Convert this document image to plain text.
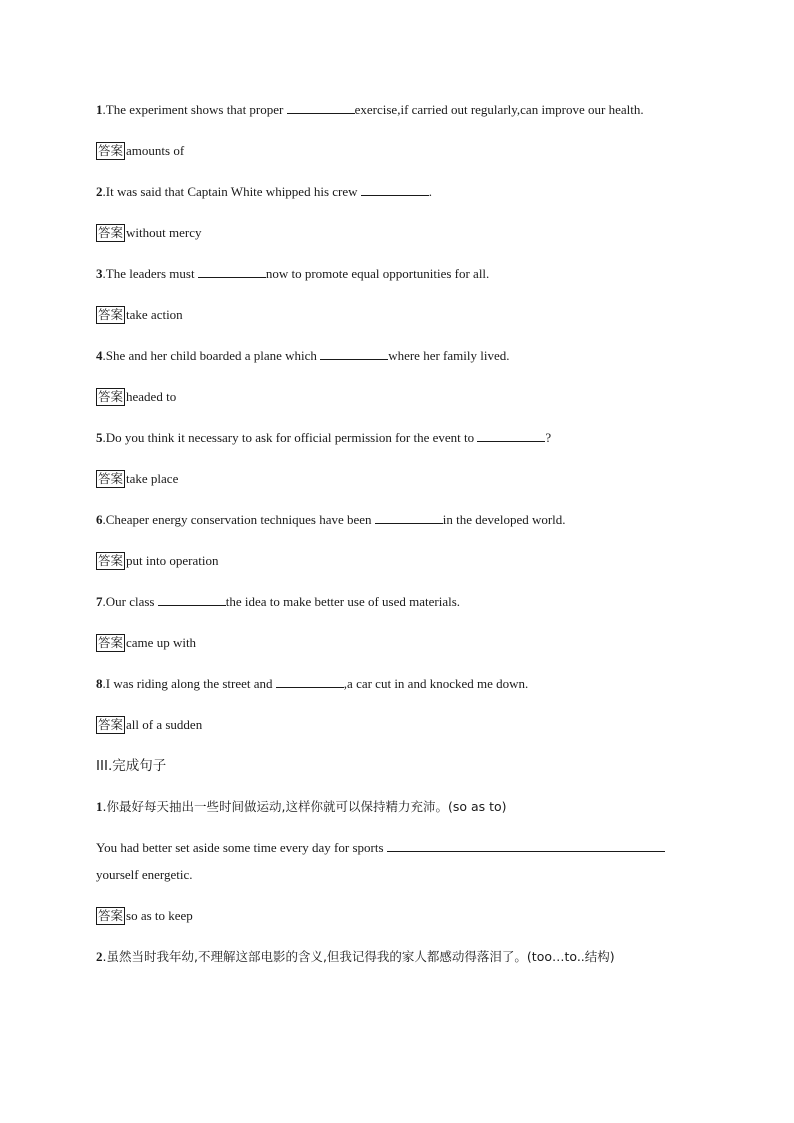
1.The experiment shows that proper	exercise,if carried out regularly,can improve our health.
答案 amounts of
2.It was said that Captain White whipped his crew	.
答案 without mercy
3.The leaders must	now to promote equal opportunities for all.
答案 take action
4.She and her child boarded a plane which	where her family lived.
答案 headed to
5.Do you think it necessary to ask for official permission for the event to	?
答案 take place
6.Cheaper energy conservation techniques have been	in the developed world.
答案 put into operation
7.Our class	the idea to make better use of used materials.
答案 came up with
8.I was riding along the street and	,a car cut in and knocked me down.
答案 all of a sudden
III.完成句子
1.你最好每天抽出一些时间做运动,这样你就可以保持精力充沛。(so as to)
You had better set aside some time every day for sports
yourself energetic.
答案 so as to keep
2.虽然当时我年幼,不理解这部电影的含义,但我记得我的家人都感动得落泪了。(too…to..结构)
